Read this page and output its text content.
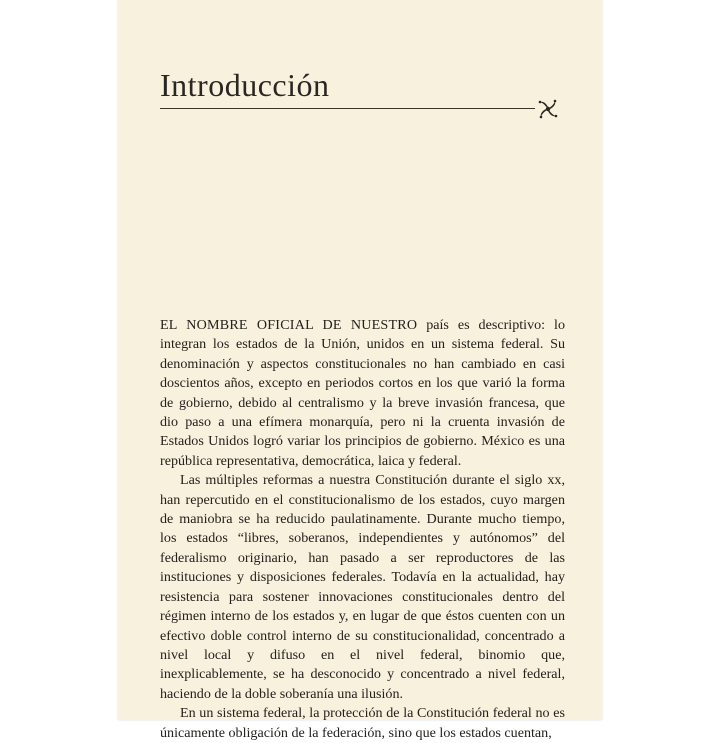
Introducción

EL NOMBRE OFICIAL DE NUESTRO país es descriptivo: lo integran los estados de la Unión, unidos en un sistema federal. Su denominación y aspectos constitucionales no han cambiado en casi doscientos años, excepto en periodos cortos en los que varió la forma de gobierno, debido al centralismo y la breve invasión francesa, que dio paso a una efímera monarquía, pero ni la cruenta invasión de Estados Unidos logró variar los principios de gobierno. México es una república representativa, democrática, laica y federal.

Las múltiples reformas a nuestra Constitución durante el siglo xx, han repercutido en el constitucionalismo de los estados, cuyo margen de maniobra se ha reducido paulatinamente. Durante mucho tiempo, los estados “libres, soberanos, independientes y autónomos” del federalismo originario, han pasado a ser reproductores de las instituciones y disposiciones federales. Todavía en la actualidad, hay resistencia para sostener innovaciones constitucionales dentro del régimen interno de los estados y, en lugar de que éstos cuenten con un efectivo doble control interno de su constitucionalidad, concentrado a nivel local y difuso en el nivel federal, binomio que, inexplicablemente, se ha desconocido y concentrado a nivel federal, haciendo de la doble soberanía una ilusión.

En un sistema federal, la protección de la Constitución federal no es únicamente obligación de la federación, sino que los estados cuentan,
